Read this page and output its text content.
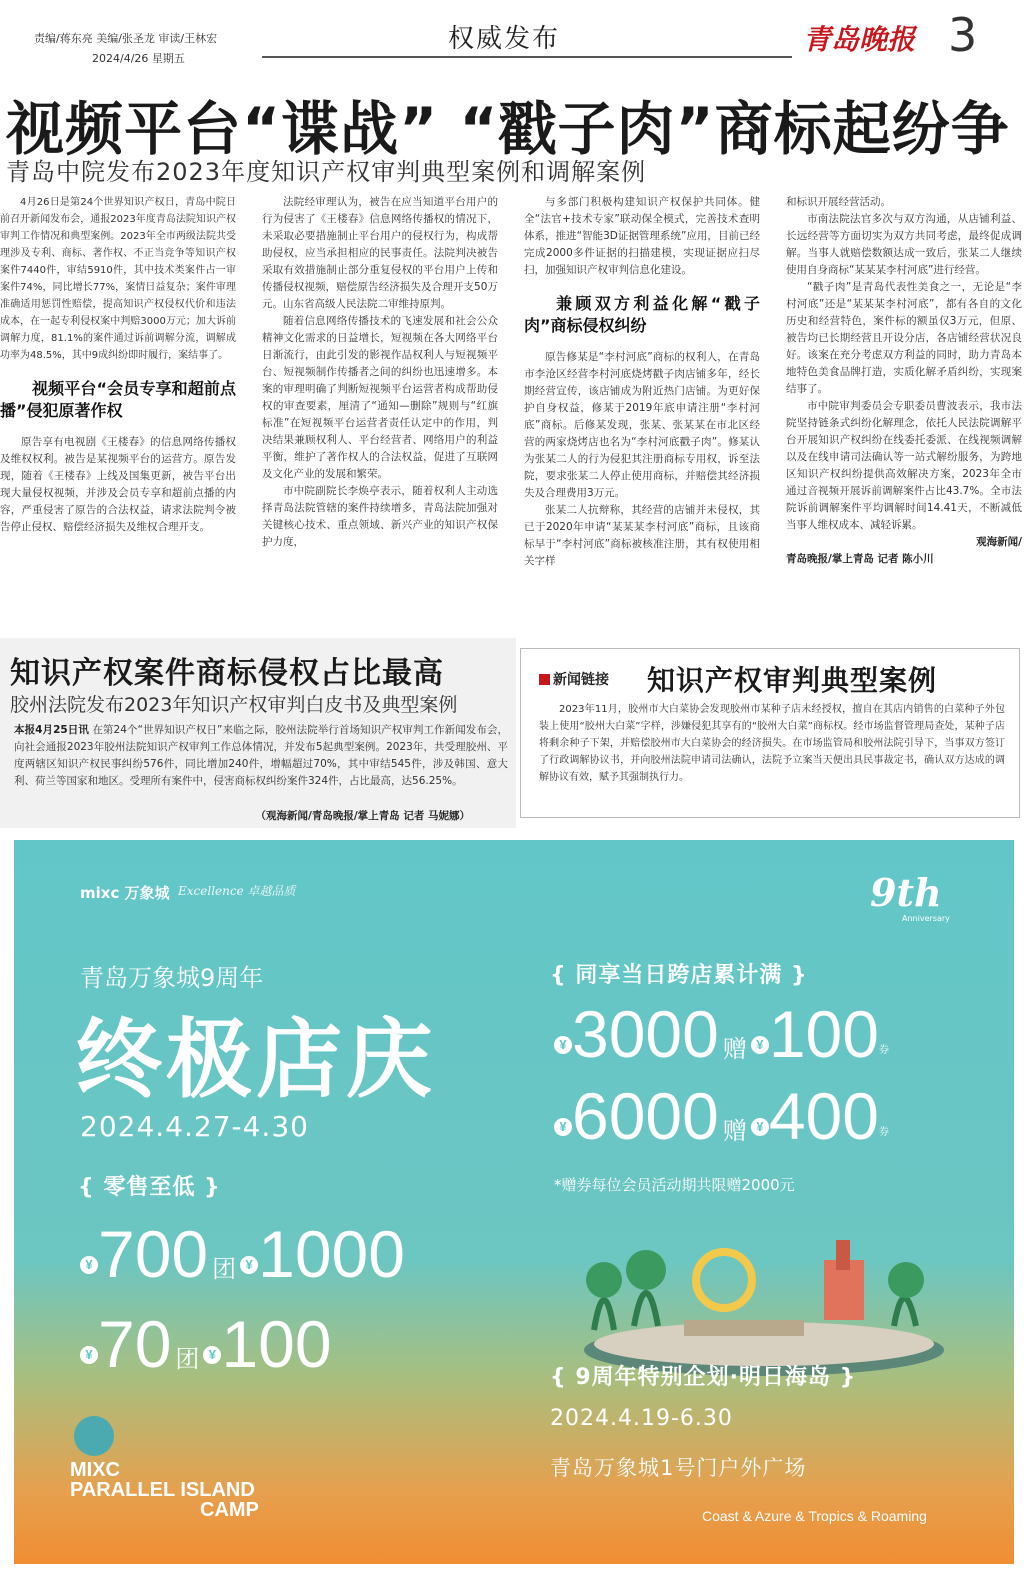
责编/蒋东亮 美编/张圣龙 审读/王林宏
2024/4/26 星期五
权威发布	青岛晚报 3
视频平台“谍战” “戳子肉”商标起纷争
青岛中院发布2023年度知识产权审判典型案例和调解案例

4月26日是第24个世界知识产权日，青岛中院日前召开新闻发布会，通报2023年度青岛法院知识产权审判工作情况和典型案例。2023年全市两级法院共受理涉及专利、商标、著作权、不正当竞争等知识产权案件7440件，审结5910件，其中技术类案件占一审案件74%，同比增长77%，案情日益复杂；案件审理准确适用惩罚性赔偿，提高知识产权侵权代价和违法成本，在一起专利侵权案中判赔3000万元；加大诉前调解力度，81.1%的案件通过诉前调解分流，调解成功率为48.5%，其中9成纠纷即时履行，案结事了。

视频平台“会员专享和超前点播”侵犯原著作权

原告享有电视剧《王楼春》的信息网络传播权及维权权利。被告是某视频平台的运营方。原告发现，随着《王楼春》上线及国集更新，被告平台出现大量侵权视频，并涉及会员专享和超前点播的内容，严重侵害了原告的合法权益，请求法院判令被告停止侵权、赔偿经济损失及维权合理开支。

法院经审理认为，被告在应当知道平台用户的行为侵害了《王楼春》信息网络传播权的情况下，未采取必要措施制止平台用户的侵权行为，构成帮助侵权，应当承担相应的民事责任。法院判决被告采取有效措施制止部分重复侵权的平台用户上传和传播侵权视频，赔偿原告经济损失及合理开支50万元。山东省高级人民法院二审维持原判。

随着信息网络传播技术的飞速发展和社会公众精神文化需求的日益增长，短视频在各大网络平台日渐流行，由此引发的影视作品权利人与短视频平台、短视频制作传播者之间的纠纷也迅速增多。本案的审理明确了判断短视频平台运营者构成帮助侵权的审查要素，厘清了“通知—删除”规则与“红旗标准”在短视频平台运营者责任认定中的作用，判决结果兼顾权利人、平台经营者、网络用户的利益平衡，维护了著作权人的合法权益，促进了互联网及文化产业的发展和繁荣。

市中院副院长李焕亭表示，随着权利人主动选择青岛法院管辖的案件持续增多，青岛法院加强对关键核心技术、重点领域、新兴产业的知识产权保护力度，

与多部门积极构建知识产权保护共同体。健全“法官+技术专家”联动保全模式，完善技术查明体系，推进“智能3D证据管理系统”应用，目前已经完成2000多件证据的扫描建模，实现证据应扫尽扫，加强知识产权审判信息化建设。

兼顾双方利益化解“戳子肉”商标侵权纠纷

原告修某是“李村河底”商标的权利人，在青岛市李沧区经营李村河底烧烤戳子肉店铺多年，经长期经营宣传，该店铺成为附近热门店铺。为更好保护自身权益，修某于2019年底申请注册“李村河底”商标。后修某发现，张某、张某某在市北区经营的两家烧烤店也名为“李村河底戳子肉”。修某认为张某二人的行为侵犯其注册商标专用权，诉至法院，要求张某二人停止使用商标，并赔偿其经济损失及合理费用3万元。

张某二人抗辩称，其经营的店铺并未侵权，其已于2020年申请“某某某李村河底”商标，且该商标早于“李村河底”商标被核准注册，其有权使用相关字样

和标识开展经营活动。

市南法院法官多次与双方沟通，从店铺利益、长远经营等方面切实为双方共同考虑，最终促成调解。当事人就赔偿数额达成一致后，张某二人继续使用自身商标“某某某李村河底”进行经营。

“戳子肉”是青岛代表性美食之一，无论是“李村河底”还是“某某某李村河底”，都有各自的文化历史和经营特色，案件标的额虽仅3万元，但原、被告均已长期经营且开设分店，各店铺经营状况良好。该案在充分考虑双方利益的同时，助力青岛本地特色美食品牌打造，实质化解矛盾纠纷，实现案结事了。

市中院审判委员会专职委员曹波表示，我市法院坚持链条式纠纷化解理念，依托人民法院调解平台开展知识产权纠纷在线委托委派、在线视频调解以及在线申请司法确认等一站式解纷服务，为跨地区知识产权纠纷提供高效解决方案，2023年全市通过音视频开展诉前调解案件占比43.7%。全市法院诉前调解案件平均调解时间14.41天，不断减低当事人维权成本、减轻诉累。

观海新闻/

青岛晚报/掌上青岛 记者 陈小川

知识产权案件商标侵权占比最高
胶州法院发布2023年知识产权审判白皮书及典型案例
本报4月25日讯 在第24个“世界知识产权日”来临之际，胶州法院举行首场知识产权审判工作新闻发布会，向社会通报2023年胶州法院知识产权审判工作总体情况，并发布5起典型案例。2023年，共受理胶州、平度两辖区知识产权民事纠纷576件，同比增加240件，增幅超过70%，其中审结545件，涉及韩国、意大利、荷兰等国家和地区。受理所有案件中，侵害商标权纠纷案件324件，占比最高，达56.25%。
（观海新闻/青岛晚报/掌上青岛 记者 马妮娜）
新闻链接 知识产权审判典型案例
2023年11月，胶州市大白菜协会发现胶州市某种子店未经授权，擅自在其店内销售的白菜种子外包装上使用“胶州大白菜”字样，涉嫌侵犯其享有的“胶州大白菜”商标权。经市场监督管理局查处，某种子店将剩余种子下架，并赔偿胶州市大白菜协会的经济损失。在市场监管局和胶州法院引导下，当事双方签订了行政调解协议书，并向胶州法院申请司法确认，法院予立案当天便出具民事裁定书，确认双方达成的调解协议有效，赋予其强制执行力。
mixc 万象城 Excellence 卓越品质	9th
Anniversary
青岛万象城9周年
终极店庆
2024.4.27-4.30
{ 零售至低 }
¥700 团 ¥1000
¥70 团 ¥100
{ 同享当日跨店累计满 }
¥3000 赠 $¥100^券$
¥6000 赠 $¥400^券$
*赠券每位会员活动期共限赠2000元
{ 9周年特别企划·明日海岛 }
2024.4.19-6.30
青岛万象城1号门户外广场
Coast & Azure & Tropics & Roaming
MIXC
PARALLEL ISLAND
CAMP
